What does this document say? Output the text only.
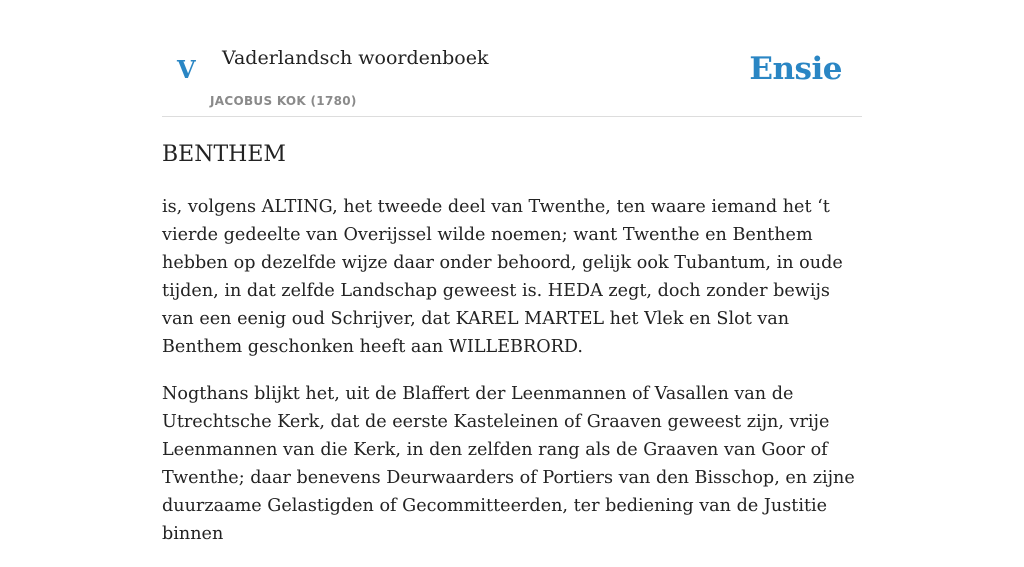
V Vaderlandsch woordenboek
JACOBUS KOK (1780)
Ensie
BENTHEM

is, volgens ALTING, het tweede deel van Twenthe, ten waare iemand het ‘t vierde gedeelte van Overijssel wilde noemen; want Twenthe en Benthem hebben op dezelfde wijze daar onder behoord, gelijk ook Tubantum, in oude tijden, in dat zelfde Landschap geweest is. HEDA zegt, doch zonder bewijs van een eenig oud Schrijver, dat KAREL MARTEL het Vlek en Slot van Benthem geschonken heeft aan WILLEBRORD.

Nogthans blijkt het, uit de Blaffert der Leenmannen of Vasallen van de Utrechtsche Kerk, dat de eerste Kasteleinen of Graaven geweest zijn, vrije Leenmannen van die Kerk, in den zelfden rang als de Graaven van Goor of Twenthe; daar benevens Deurwaarders of Portiers van den Bisschop, en zijne duurzaame Gelastigden of Gecommitteerden, ter bediening van de Justitie binnen
